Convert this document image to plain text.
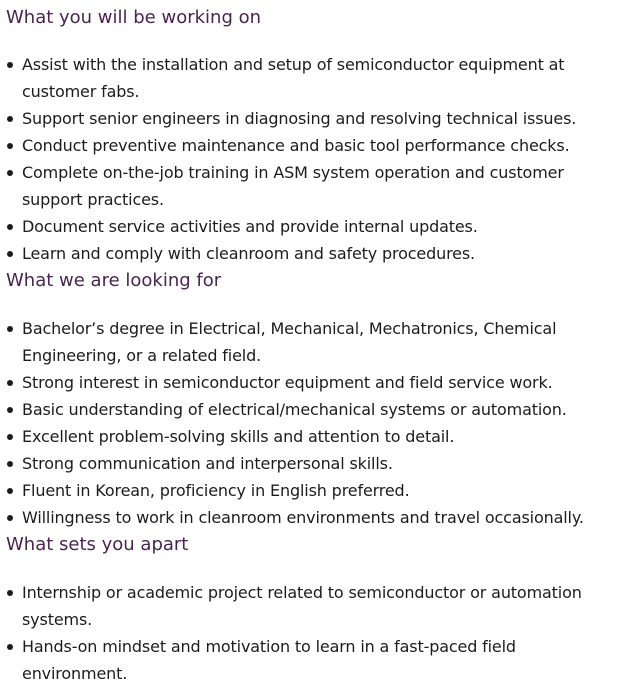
What you will be working on
Assist with the installation and setup of semiconductor equipment at customer fabs.
Support senior engineers in diagnosing and resolving technical issues.
Conduct preventive maintenance and basic tool performance checks.
Complete on-the-job training in ASM system operation and customer support practices.
Document service activities and provide internal updates.
Learn and comply with cleanroom and safety procedures.
What we are looking for
Bachelor’s degree in Electrical, Mechanical, Mechatronics, Chemical Engineering, or a related field.
Strong interest in semiconductor equipment and field service work.
Basic understanding of electrical/mechanical systems or automation.
Excellent problem-solving skills and attention to detail.
Strong communication and interpersonal skills.
Fluent in Korean, proficiency in English preferred.
Willingness to work in cleanroom environments and travel occasionally.
What sets you apart
Internship or academic project related to semiconductor or automation systems.
Hands-on mindset and motivation to learn in a fast-paced field environment.
